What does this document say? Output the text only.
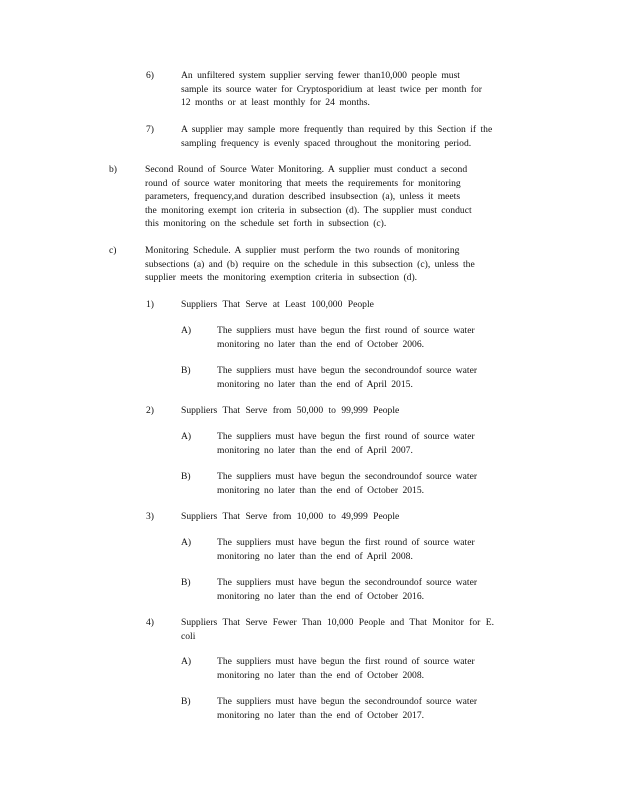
6)	An unfiltered system supplier serving fewer than10,000 people must
sample its source water for Cryptosporidium at least twice per month for
12 months or at least monthly for 24 months.
7)	A supplier may sample more frequently than required by this Section if the
sampling frequency is evenly spaced throughout the monitoring period.
b)	Second Round of Source Water Monitoring. A supplier must conduct a second
round of source water monitoring that meets the requirements for monitoring
parameters, frequency,and duration described insubsection (a), unless it meets
the monitoring exempt ion criteria in subsection (d). The supplier must conduct
this monitoring on the schedule set forth in subsection (c).
c)	Monitoring Schedule. A supplier must perform the two rounds of monitoring
subsections (a) and (b) require on the schedule in this subsection (c), unless the
supplier meets the monitoring exemption criteria in subsection (d).
1)	Suppliers That Serve at Least 100,000 People
A)	The suppliers must have begun the first round of source water
monitoring no later than the end of October 2006.
B)	The suppliers must have begun the secondroundof source water
monitoring no later than the end of April 2015.
2)	Suppliers That Serve from 50,000 to 99,999 People
A)	The suppliers must have begun the first round of source water
monitoring no later than the end of April 2007.
B)	The suppliers must have begun the secondroundof source water
monitoring no later than the end of October 2015.
3)	Suppliers That Serve from 10,000 to 49,999 People
A)	The suppliers must have begun the first round of source water
monitoring no later than the end of April 2008.
B)	The suppliers must have begun the secondroundof source water
monitoring no later than the end of October 2016.
4)	Suppliers That Serve Fewer Than 10,000 People and That Monitor for E.
coli
A)	The suppliers must have begun the first round of source water
monitoring no later than the end of October 2008.
B)	The suppliers must have begun the secondroundof source water
monitoring no later than the end of October 2017.
